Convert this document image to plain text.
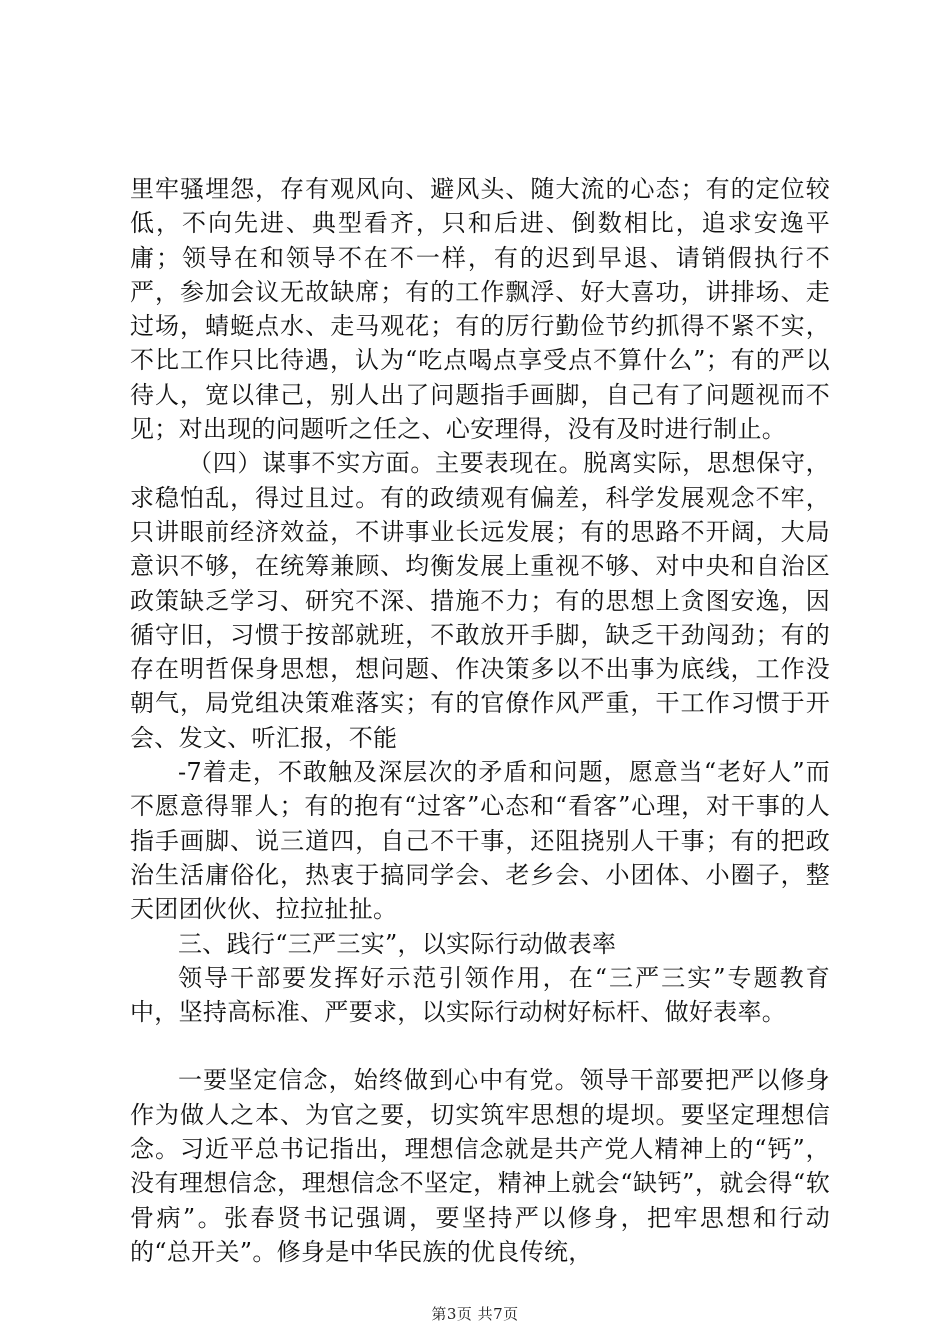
里牢骚埋怨，存有观风向、避风头、随大流的心态；有的定位较低，不向先进、典型看齐，只和后进、倒数相比，追求安逸平庸；领导在和领导不在不一样，有的迟到早退、请销假执行不严，参加会议无故缺席；有的工作飘浮、好大喜功，讲排场、走过场，蜻蜓点水、走马观花；有的厉行勤俭节约抓得不紧不实，不比工作只比待遇，认为“吃点喝点享受点不算什么”；有的严以待人，宽以律己，别人出了问题指手画脚，自己有了问题视而不见；对出现的问题听之任之、心安理得，没有及时进行制止。

（四）谋事不实方面。主要表现在。脱离实际，思想保守，求稳怕乱，得过且过。有的政绩观有偏差，科学发展观念不牢，只讲眼前经济效益，不讲事业长远发展；有的思路不开阔，大局意识不够，在统筹兼顾、均衡发展上重视不够、对中央和自治区政策缺乏学习、研究不深、措施不力；有的思想上贪图安逸，因循守旧，习惯于按部就班，不敢放开手脚，缺乏干劲闯劲；有的存在明哲保身思想，想问题、作决策多以不出事为底线，工作没朝气，局党组决策难落实；有的官僚作风严重，干工作习惯于开会、发文、听汇报，不能

-7着走，不敢触及深层次的矛盾和问题，愿意当“老好人”而不愿意得罪人；有的抱有“过客”心态和“看客”心理，对干事的人指手画脚、说三道四，自己不干事，还阻挠别人干事；有的把政治生活庸俗化，热衷于搞同学会、老乡会、小团体、小圈子，整天团团伙伙、拉拉扯扯。

三、践行“三严三实”，以实际行动做表率

领导干部要发挥好示范引领作用，在“三严三实”专题教育中，坚持高标准、严要求，以实际行动树好标杆、做好表率。

一要坚定信念，始终做到心中有党。领导干部要把严以修身作为做人之本、为官之要，切实筑牢思想的堤坝。要坚定理想信念。习近平总书记指出，理想信念就是共产党人精神上的“钙”，没有理想信念，理想信念不坚定，精神上就会“缺钙”，就会得“软骨病”。张春贤书记强调，要坚持严以修身，把牢思想和行动的“总开关”。修身是中华民族的优良传统，

第3页 共7页
